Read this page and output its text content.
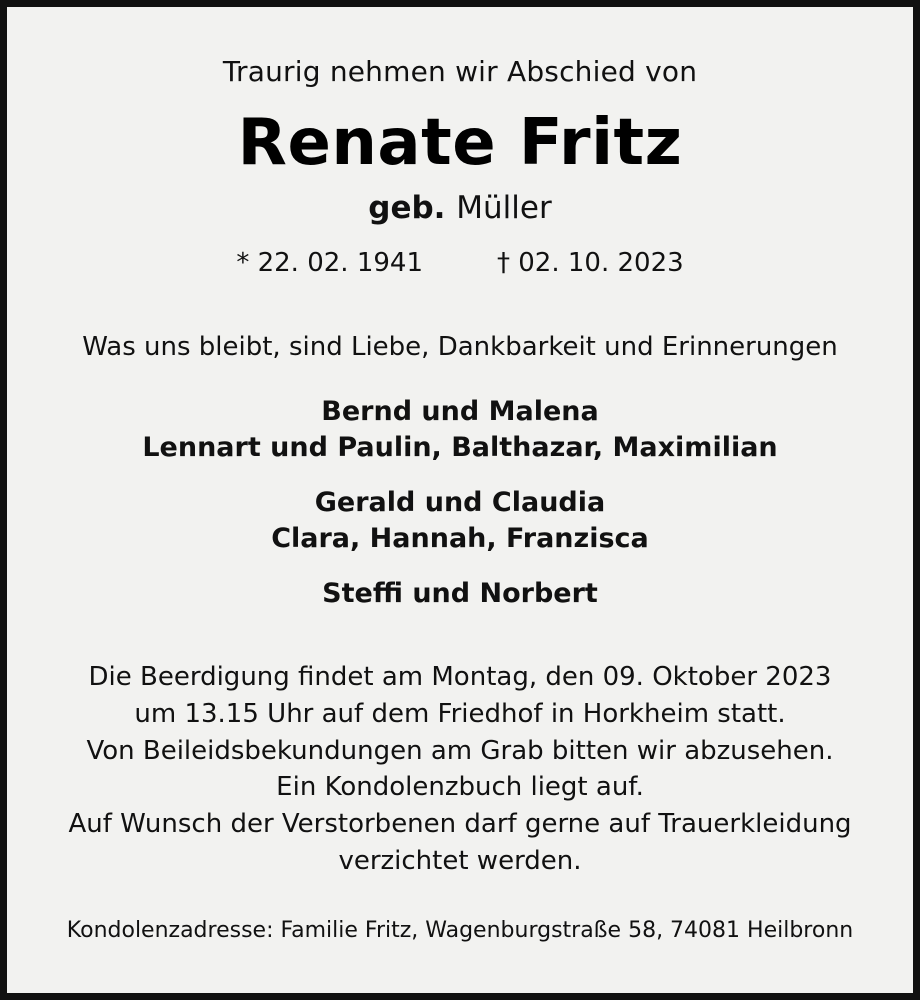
Traurig nehmen wir Abschied von
Renate Fritz
geb. Müller
* 22. 02. 1941	† 02. 10. 2023
Was uns bleibt, sind Liebe, Dankbarkeit und Erinnerungen
Bernd und Malena
Lennart und Paulin, Balthazar, Maximilian
Gerald und Claudia
Clara, Hannah, Franzisca
Steffi und Norbert
Die Beerdigung findet am Montag, den 09. Oktober 2023
um 13.15 Uhr auf dem Friedhof in Horkheim statt.
Von Beileidsbekundungen am Grab bitten wir abzusehen.
Ein Kondolenzbuch liegt auf.
Auf Wunsch der Verstorbenen darf gerne auf Trauerkleidung
verzichtet werden.
Kondolenzadresse: Familie Fritz, Wagenburgstraße 58, 74081 Heilbronn
